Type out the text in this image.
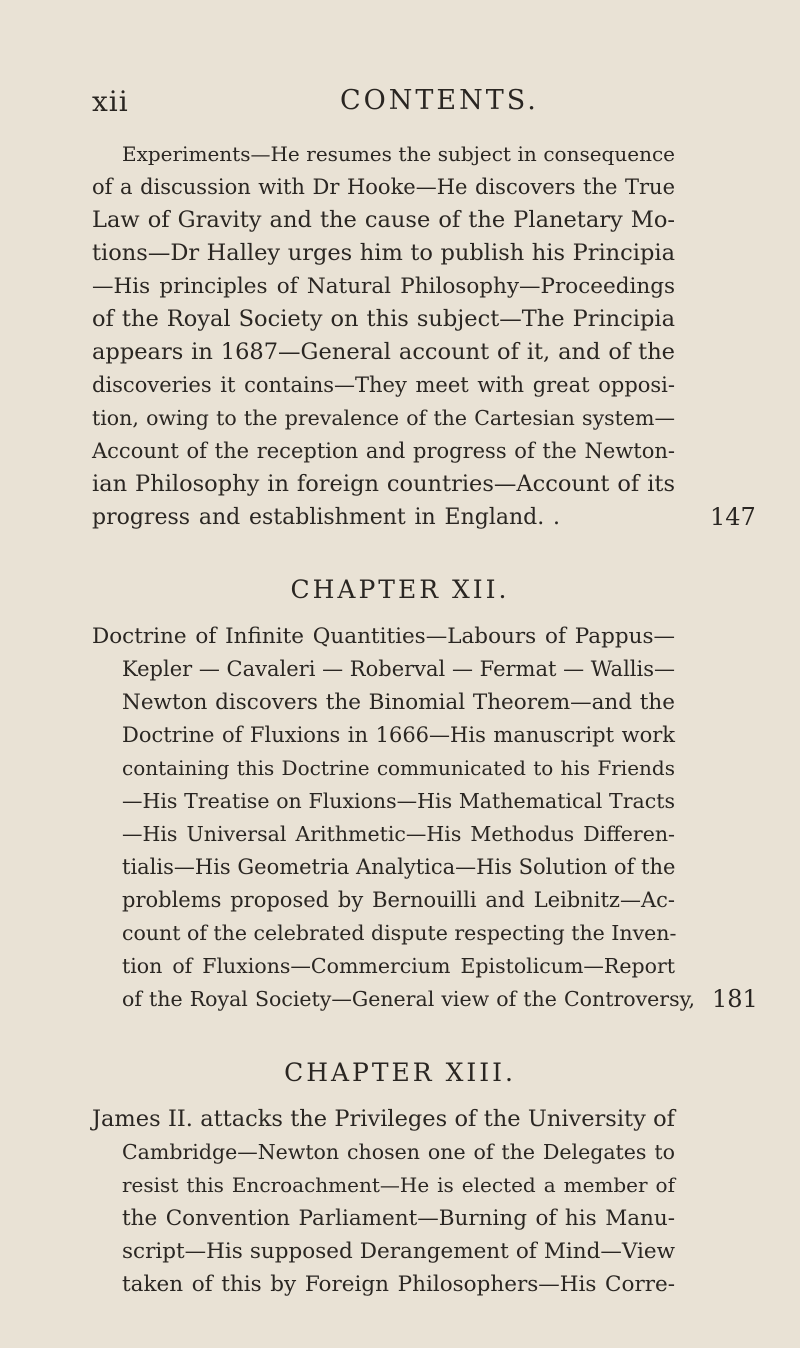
xii	CONTENTS.
Experiments—He resumes the subject in consequence
of a discussion with Dr Hooke—He discovers the True
Law of Gravity and the cause of the Planetary Mo-
tions—Dr Halley urges him to publish his Principia
—His principles of Natural Philosophy—Proceedings
of the Royal Society on this subject—The Principia
appears in 1687—General account of it, and of the
discoveries it contains—They meet with great opposi-
tion, owing to the prevalence of the Cartesian system—
Account of the reception and progress of the Newton-
ian Philosophy in foreign countries—Account of its
progress and establishment in England. .	147
CHAPTER XII.
Doctrine of Infinite Quantities—Labours of Pappus—
Kepler — Cavaleri — Roberval — Fermat — Wallis—
Newton discovers the Binomial Theorem—and the
Doctrine of Fluxions in 1666—His manuscript work
containing this Doctrine communicated to his Friends
—His Treatise on Fluxions—His Mathematical Tracts
—His Universal Arithmetic—His Methodus Differen-
tialis—His Geometria Analytica—His Solution of the
problems proposed by Bernouilli and Leibnitz—Ac-
count of the celebrated dispute respecting the Inven-
tion of Fluxions—Commercium Epistolicum—Report
of the Royal Society—General view of the Controversy, 181
CHAPTER XIII.
James II. attacks the Privileges of the University of
Cambridge—Newton chosen one of the Delegates to
resist this Encroachment—He is elected a member of
the Convention Parliament—Burning of his Manu-
script—His supposed Derangement of Mind—View
taken of this by Foreign Philosophers—His Corre-
